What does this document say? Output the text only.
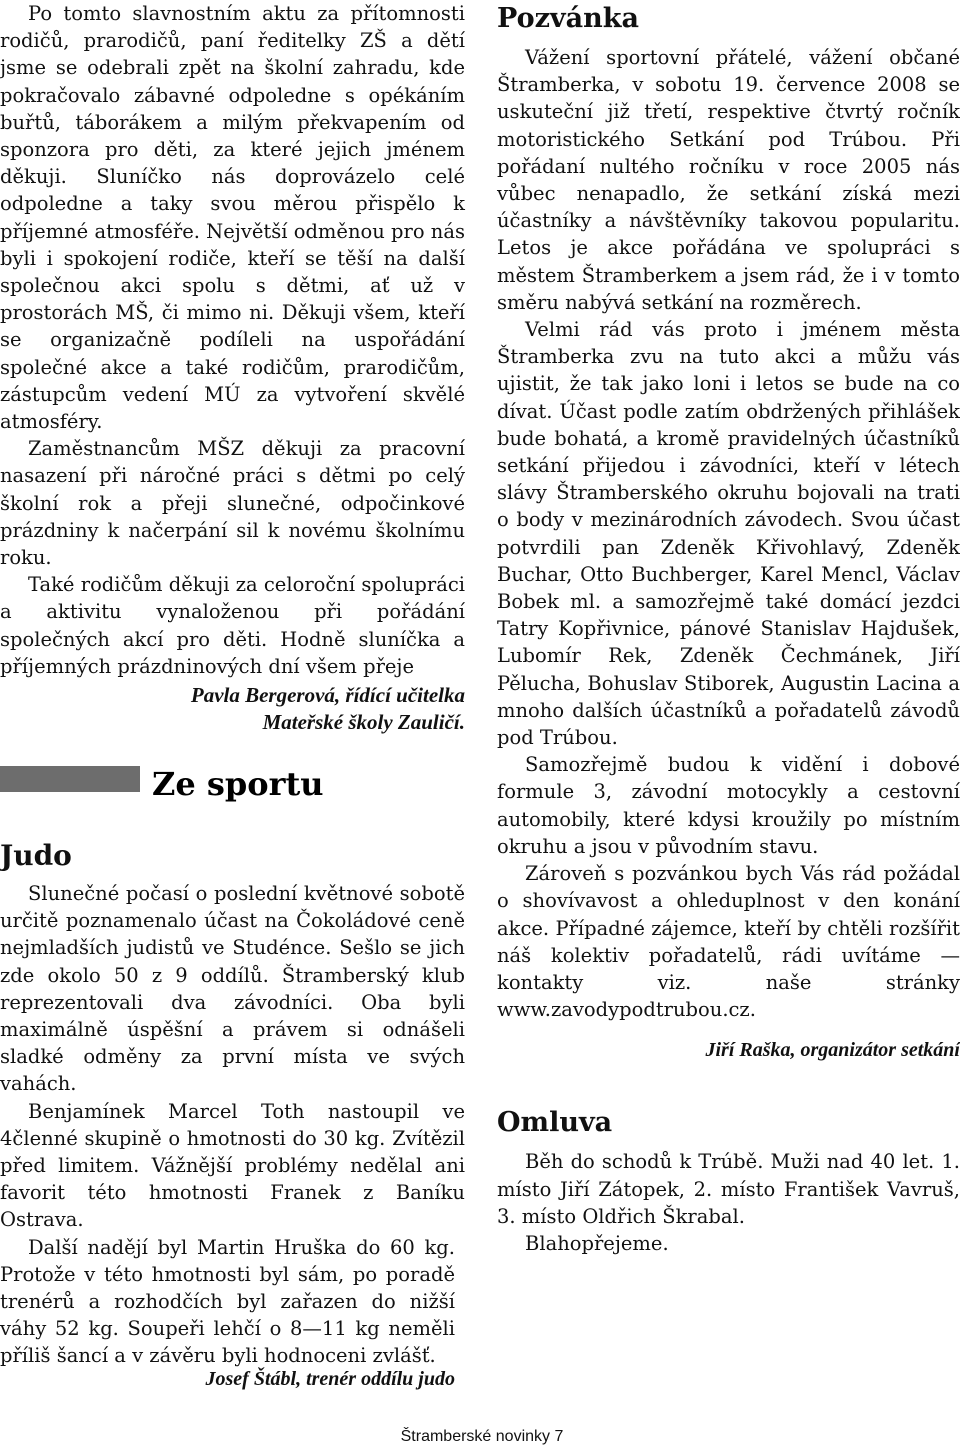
Po tomto slavnostním aktu za přítomnosti rodičů, prarodičů, paní ředitelky ZŠ a dětí jsme se odebrali zpět na školní zahradu, kde pokračovalo zábavné odpoledne s opékáním buřtů, táborákem a milým překvapením od sponzora pro děti, za které jejich jménem děkuji. Sluníčko nás doprovázelo celé odpoledne a taky svou měrou přispělo k příjemné atmosféře. Největší odměnou pro nás byli i spokojení rodiče, kteří se těší na další společnou akci spolu s dětmi, ať už v prostorách MŠ, či mimo ni. Děkuji všem, kteří se organizačně podíleli na uspořádání společné akce a také rodičům, prarodičům, zástupcům vedení MÚ za vytvoření skvělé atmosféry.

Zaměstnancům MŠZ děkuji za pracovní nasazení při náročné práci s dětmi po celý školní rok a přeji slunečné, odpočinkové prázdniny k načerpání sil k novému školnímu roku.

Také rodičům děkuji za celoroční spolupráci a aktivitu vynaloženou při pořádání společných akcí pro děti. Hodně sluníčka a příjemných prázdninových dní všem přeje

Pavla Bergerová, řídící učitelka
Mateřské školy Zauličí.
Ze sportu
Judo

Slunečné počasí o poslední květnové sobotě určitě poznamenalo účast na Čokoládové ceně nejmladších judistů ve Studénce. Sešlo se jich zde okolo 50 z 9 oddílů. Štramberský klub reprezentovali dva závodníci. Oba byli maximálně úspěšní a právem si odnášeli sladké odměny za první místa ve svých vahách.

Benjamínek Marcel Toth nastoupil ve 4členné skupině o hmotnosti do 30 kg. Zvítězil před limitem. Vážnější problémy nedělal ani favorit této hmotnosti Franek z Baníku Ostrava.

Další nadějí byl Martin Hruška do 60 kg. Protože v této hmotnosti byl sám, po poradě trenérů a rozhodčích byl zařazen do nižší váhy 52 kg. Soupeři lehčí o 8—11 kg neměli příliš šancí a v závěru byli hodnoceni zvlášť.

Josef Štábl, trenér oddílu judo
Pozvánka

Vážení sportovní přátelé, vážení občané Štramberka, v sobotu 19. července 2008 se uskuteční již třetí, respektive čtvrtý ročník motoristického Setkání pod Trúbou. Při pořádaní nultého ročníku v roce 2005 nás vůbec nenapadlo, že setkání získá mezi účastníky a návštěvníky takovou popularitu. Letos je akce pořádána ve spolupráci s městem Štramberkem a jsem rád, že i v tomto směru nabývá setkání na rozměrech.

Velmi rád vás proto i jménem města Štramberka zvu na tuto akci a můžu vás ujistit, že tak jako loni i letos se bude na co dívat. Účast podle zatím obdržených přihlášek bude bohatá, a kromě pravidelných účastníků setkání přijedou i závodníci, kteří v létech slávy Štramberského okruhu bojovali na trati o body v mezinárodních závodech. Svou účast potvrdili pan Zdeněk Křivohlavý, Zdeněk Buchar, Otto Buchberger, Karel Mencl, Václav Bobek ml. a samozřejmě také domácí jezdci Tatry Kopřivnice, pánové Stanislav Hajdušek, Lubomír Rek, Zdeněk Čechmánek, Jiří Pělucha, Bohuslav Stiborek, Augustin Lacina a mnoho dalších účastníků a pořadatelů závodů pod Trúbou.

Samozřejmě budou k vidění i dobové formule 3, závodní motocykly a cestovní automobily, které kdysi kroužily po místním okruhu a jsou v původním stavu.

Zároveň s pozvánkou bych Vás rád požádal o shovívavost a ohleduplnost v den konání akce. Případné zájemce, kteří by chtěli rozšířit náš kolektiv pořadatelů, rádi uvítáme — kontakty viz. naše stránky www.zavodypodtrubou.cz.

Jiří Raška, organizátor setkání
Omluva

Běh do schodů k Trúbě. Muži nad 40 let. 1. místo Jiří Zátopek, 2. místo František Vavruš, 3. místo Oldřich Škrabal.

Blahopřejeme.

Štramberské novinky 7
